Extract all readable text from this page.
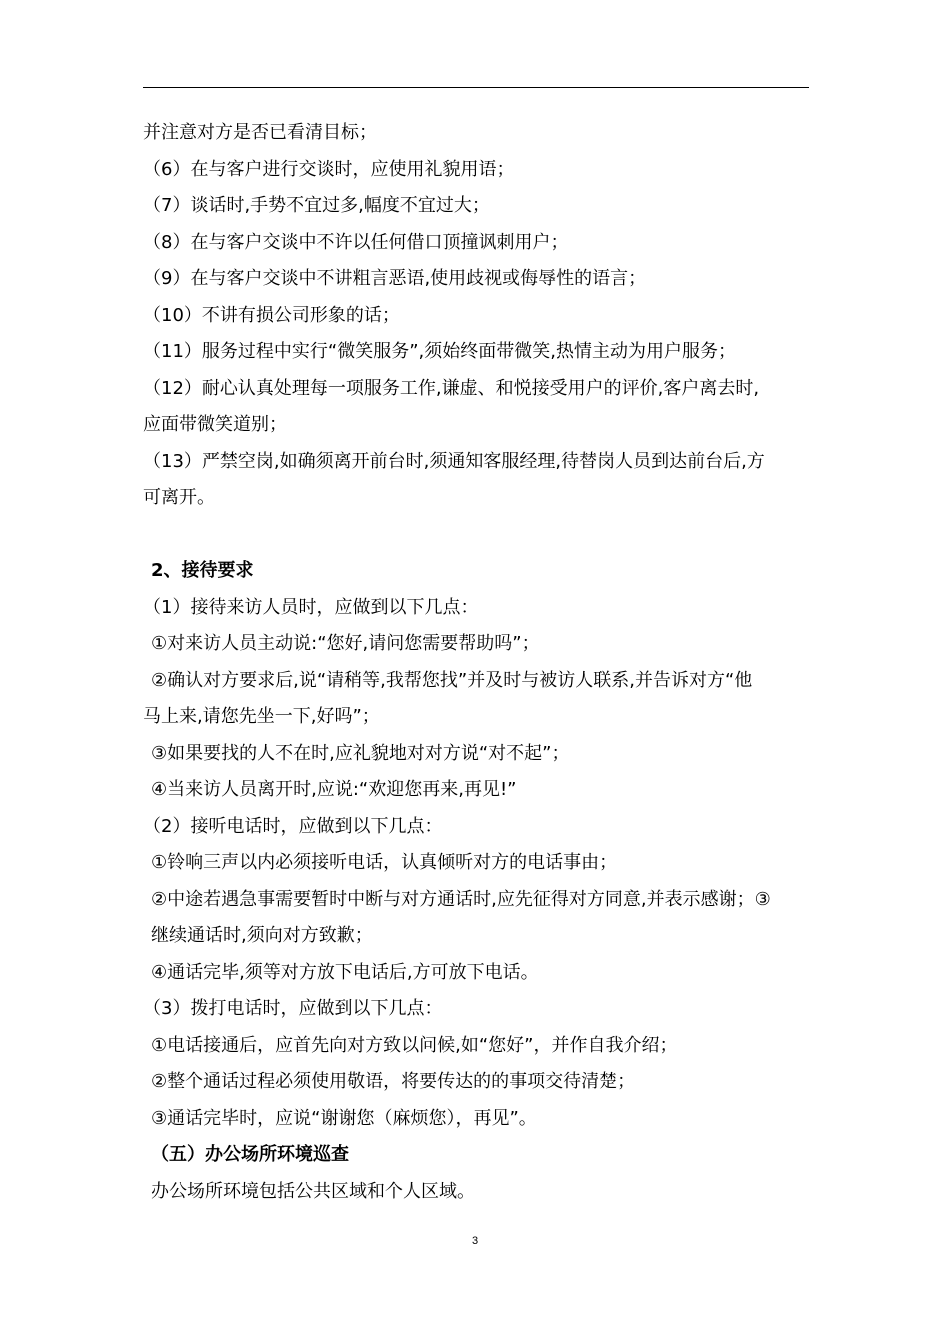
并注意对方是否已看清目标；
（6）在与客户进行交谈时，应使用礼貌用语；
（7）谈话时,手势不宜过多,幅度不宜过大；
（8）在与客户交谈中不许以任何借口顶撞讽刺用户；
（9）在与客户交谈中不讲粗言恶语,使用歧视或侮辱性的语言；
（10）不讲有损公司形象的话；
（11）服务过程中实行“微笑服务”,须始终面带微笑,热情主动为用户服务；
（12）耐心认真处理每一项服务工作,谦虚、和悦接受用户的评价,客户离去时,
应面带微笑道别；
（13）严禁空岗,如确须离开前台时,须通知客服经理,待替岗人员到达前台后,方
可离开。
2、接待要求
（1）接待来访人员时，应做到以下几点：
①对来访人员主动说:“您好,请问您需要帮助吗”；
②确认对方要求后,说“请稍等,我帮您找”并及时与被访人联系,并告诉对方“他
马上来,请您先坐一下,好吗”；
③如果要找的人不在时,应礼貌地对对方说“对不起”；
④当来访人员离开时,应说:“欢迎您再来,再见!”
（2）接听电话时，应做到以下几点：
①铃响三声以内必须接听电话，认真倾听对方的电话事由；
②中途若遇急事需要暂时中断与对方通话时,应先征得对方同意,并表示感谢；③
继续通话时,须向对方致歉；
④通话完毕,须等对方放下电话后,方可放下电话。
（3）拨打电话时，应做到以下几点：
①电话接通后，应首先向对方致以问候,如“您好”，并作自我介绍；
②整个通话过程必须使用敬语，将要传达的的事项交待清楚；
③通话完毕时，应说“谢谢您（麻烦您），再见”。
（五）办公场所环境巡查
办公场所环境包括公共区域和个人区域。
3
